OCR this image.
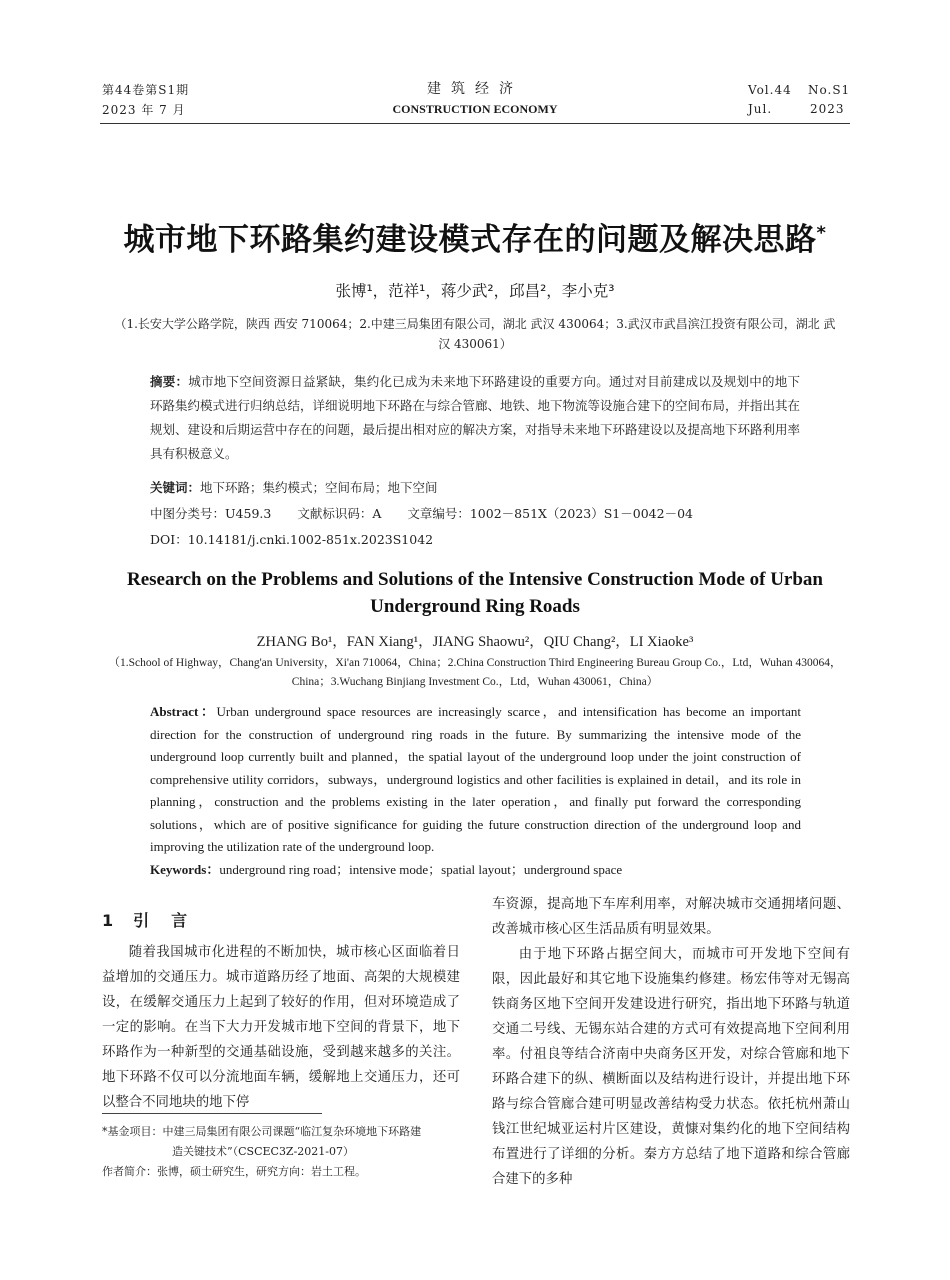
第44卷第S1期
2023 年 7 月
建筑经济
CONSTRUCTION ECONOMY
Vol.44 No.S1
Jul.	2023
城市地下环路集约建设模式存在的问题及解决思路*
张博¹，范祥¹，蒋少武²，邱昌²，李小克³
（1.长安大学公路学院，陕西 西安 710064；2.中建三局集团有限公司，湖北 武汉 430064；3.武汉市武昌滨江投资有限公司，湖北 武汉 430061）
摘要：城市地下空间资源日益紧缺，集约化已成为未来地下环路建设的重要方向。通过对目前建成以及规划中的地下环路集约模式进行归纳总结，详细说明地下环路在与综合管廊、地铁、地下物流等设施合建下的空间布局，并指出其在规划、建设和后期运营中存在的问题，最后提出相对应的解决方案，对指导未来地下环路建设以及提高地下环路利用率具有积极意义。
关键词：地下环路；集约模式；空间布局；地下空间
中图分类号：U459.3 文献标识码：A 文章编号：1002－851X（2023）S1－0042－04
DOI：10.14181/j.cnki.1002-851x.2023S1042
Research on the Problems and Solutions of the Intensive Construction Mode of Urban Underground Ring Roads
ZHANG Bo¹，FAN Xiang¹，JIANG Shaowu²，QIU Chang²，LI Xiaoke³
（1.School of Highway，Chang'an University，Xi'an 710064，China；2.China Construction Third Engineering Bureau Group Co.，Ltd，Wuhan 430064，China；3.Wuchang Binjiang Investment Co.，Ltd，Wuhan 430061，China）
Abstract：Urban underground space resources are increasingly scarce，and intensification has become an important direction for the construction of underground ring roads in the future. By summarizing the intensive mode of the underground loop currently built and planned，the spatial layout of the underground loop under the joint construction of comprehensive utility corridors，subways，underground logistics and other facilities is explained in detail，and its role in planning，construction and the problems existing in the later operation，and finally put forward the corresponding solutions，which are of positive significance for guiding the future construction direction of the underground loop and improving the utilization rate of the underground loop.
Keywords：underground ring road；intensive mode；spatial layout；underground space
1 引 言
随着我国城市化进程的不断加快，城市核心区面临着日益增加的交通压力。城市道路历经了地面、高架的大规模建设，在缓解交通压力上起到了较好的作用，但对环境造成了一定的影响。在当下大力开发城市地下空间的背景下，地下环路作为一种新型的交通基础设施，受到越来越多的关注。地下环路不仅可以分流地面车辆，缓解地上交通压力，还可以整合不同地块的地下停
*基金项目：中建三局集团有限公司课题“临江复杂环境地下环路建
造关键技术”（CSCEC3Z-2021-07）
作者简介：张博，硕士研究生，研究方向：岩土工程。
车资源，提高地下车库利用率，对解决城市交通拥堵问题、改善城市核心区生活品质有明显效果。
由于地下环路占据空间大，而城市可开发地下空间有限，因此最好和其它地下设施集约修建。杨宏伟等对无锡高铁商务区地下空间开发建设进行研究，指出地下环路与轨道交通二号线、无锡东站合建的方式可有效提高地下空间利用率。付祖良等结合济南中央商务区开发，对综合管廊和地下环路合建下的纵、横断面以及结构进行设计，并提出地下环路与综合管廊合建可明显改善结构受力状态。依托杭州萧山钱江世纪城亚运村片区建设，黄慷对集约化的地下空间结构布置进行了详细的分析。秦方方总结了地下道路和综合管廊合建下的多种
